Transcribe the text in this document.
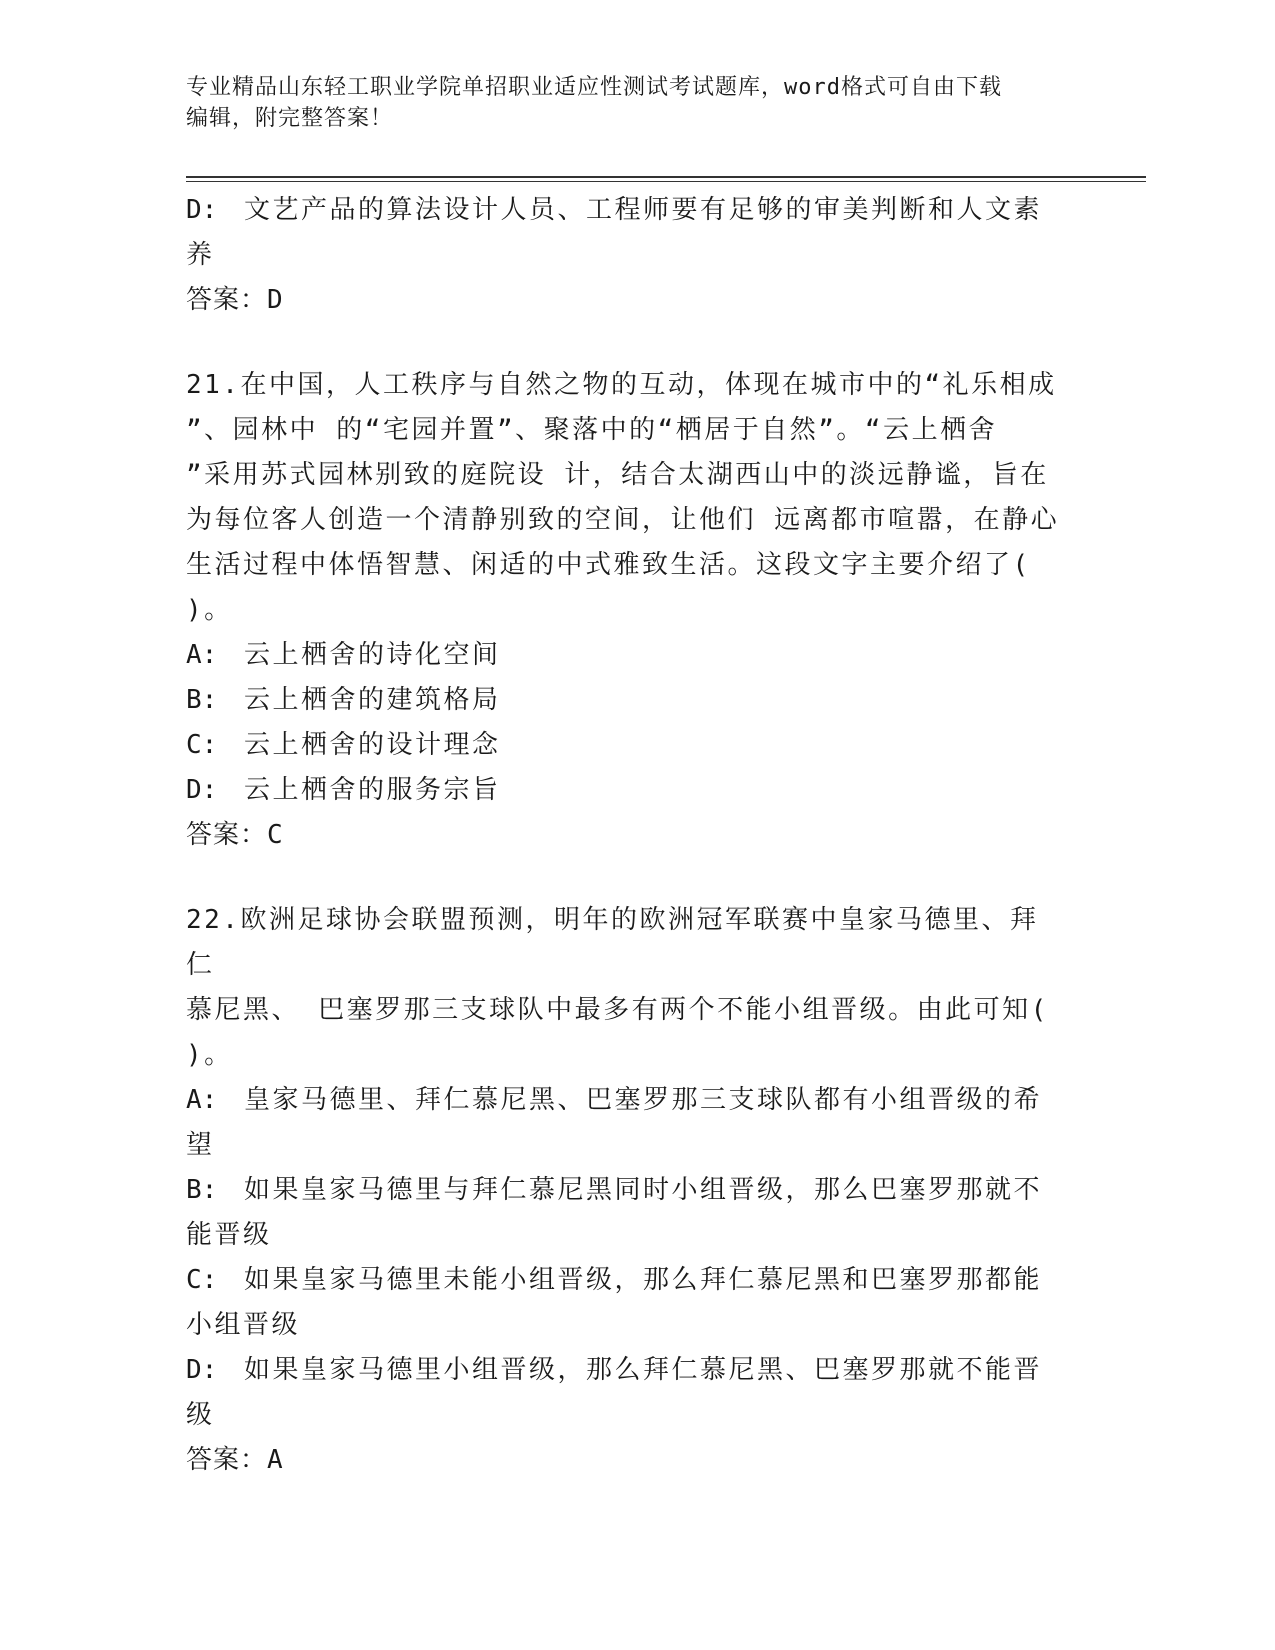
专业精品山东轻工职业学院单招职业适应性测试考试题库，word格式可自由下载
编辑，附完整答案！
D: 文艺产品的算法设计人员、工程师要有足够的审美判断和人文素
养
答案：D
21.在中国，人工秩序与自然之物的互动，体现在城市中的“礼乐相成
”、园林中 的“宅园并置”、聚落中的“栖居于自然”。“云上栖舍
”采用苏式园林别致的庭院设 计，结合太湖西山中的淡远静谧，旨在
为每位客人创造一个清静别致的空间，让他们 远离都市喧嚣，在静心
生活过程中体悟智慧、闲适的中式雅致生活。这段文字主要介绍了(
)。
A: 云上栖舍的诗化空间
B: 云上栖舍的建筑格局
C: 云上栖舍的设计理念
D: 云上栖舍的服务宗旨
答案：C
22.欧洲足球协会联盟预测，明年的欧洲冠军联赛中皇家马德里、拜仁
慕尼黑、 巴塞罗那三支球队中最多有两个不能小组晋级。由此可知(
)。
A: 皇家马德里、拜仁慕尼黑、巴塞罗那三支球队都有小组晋级的希
望
B: 如果皇家马德里与拜仁慕尼黑同时小组晋级，那么巴塞罗那就不
能晋级
C: 如果皇家马德里未能小组晋级，那么拜仁慕尼黑和巴塞罗那都能
小组晋级
D: 如果皇家马德里小组晋级，那么拜仁慕尼黑、巴塞罗那就不能晋
级
答案：A
